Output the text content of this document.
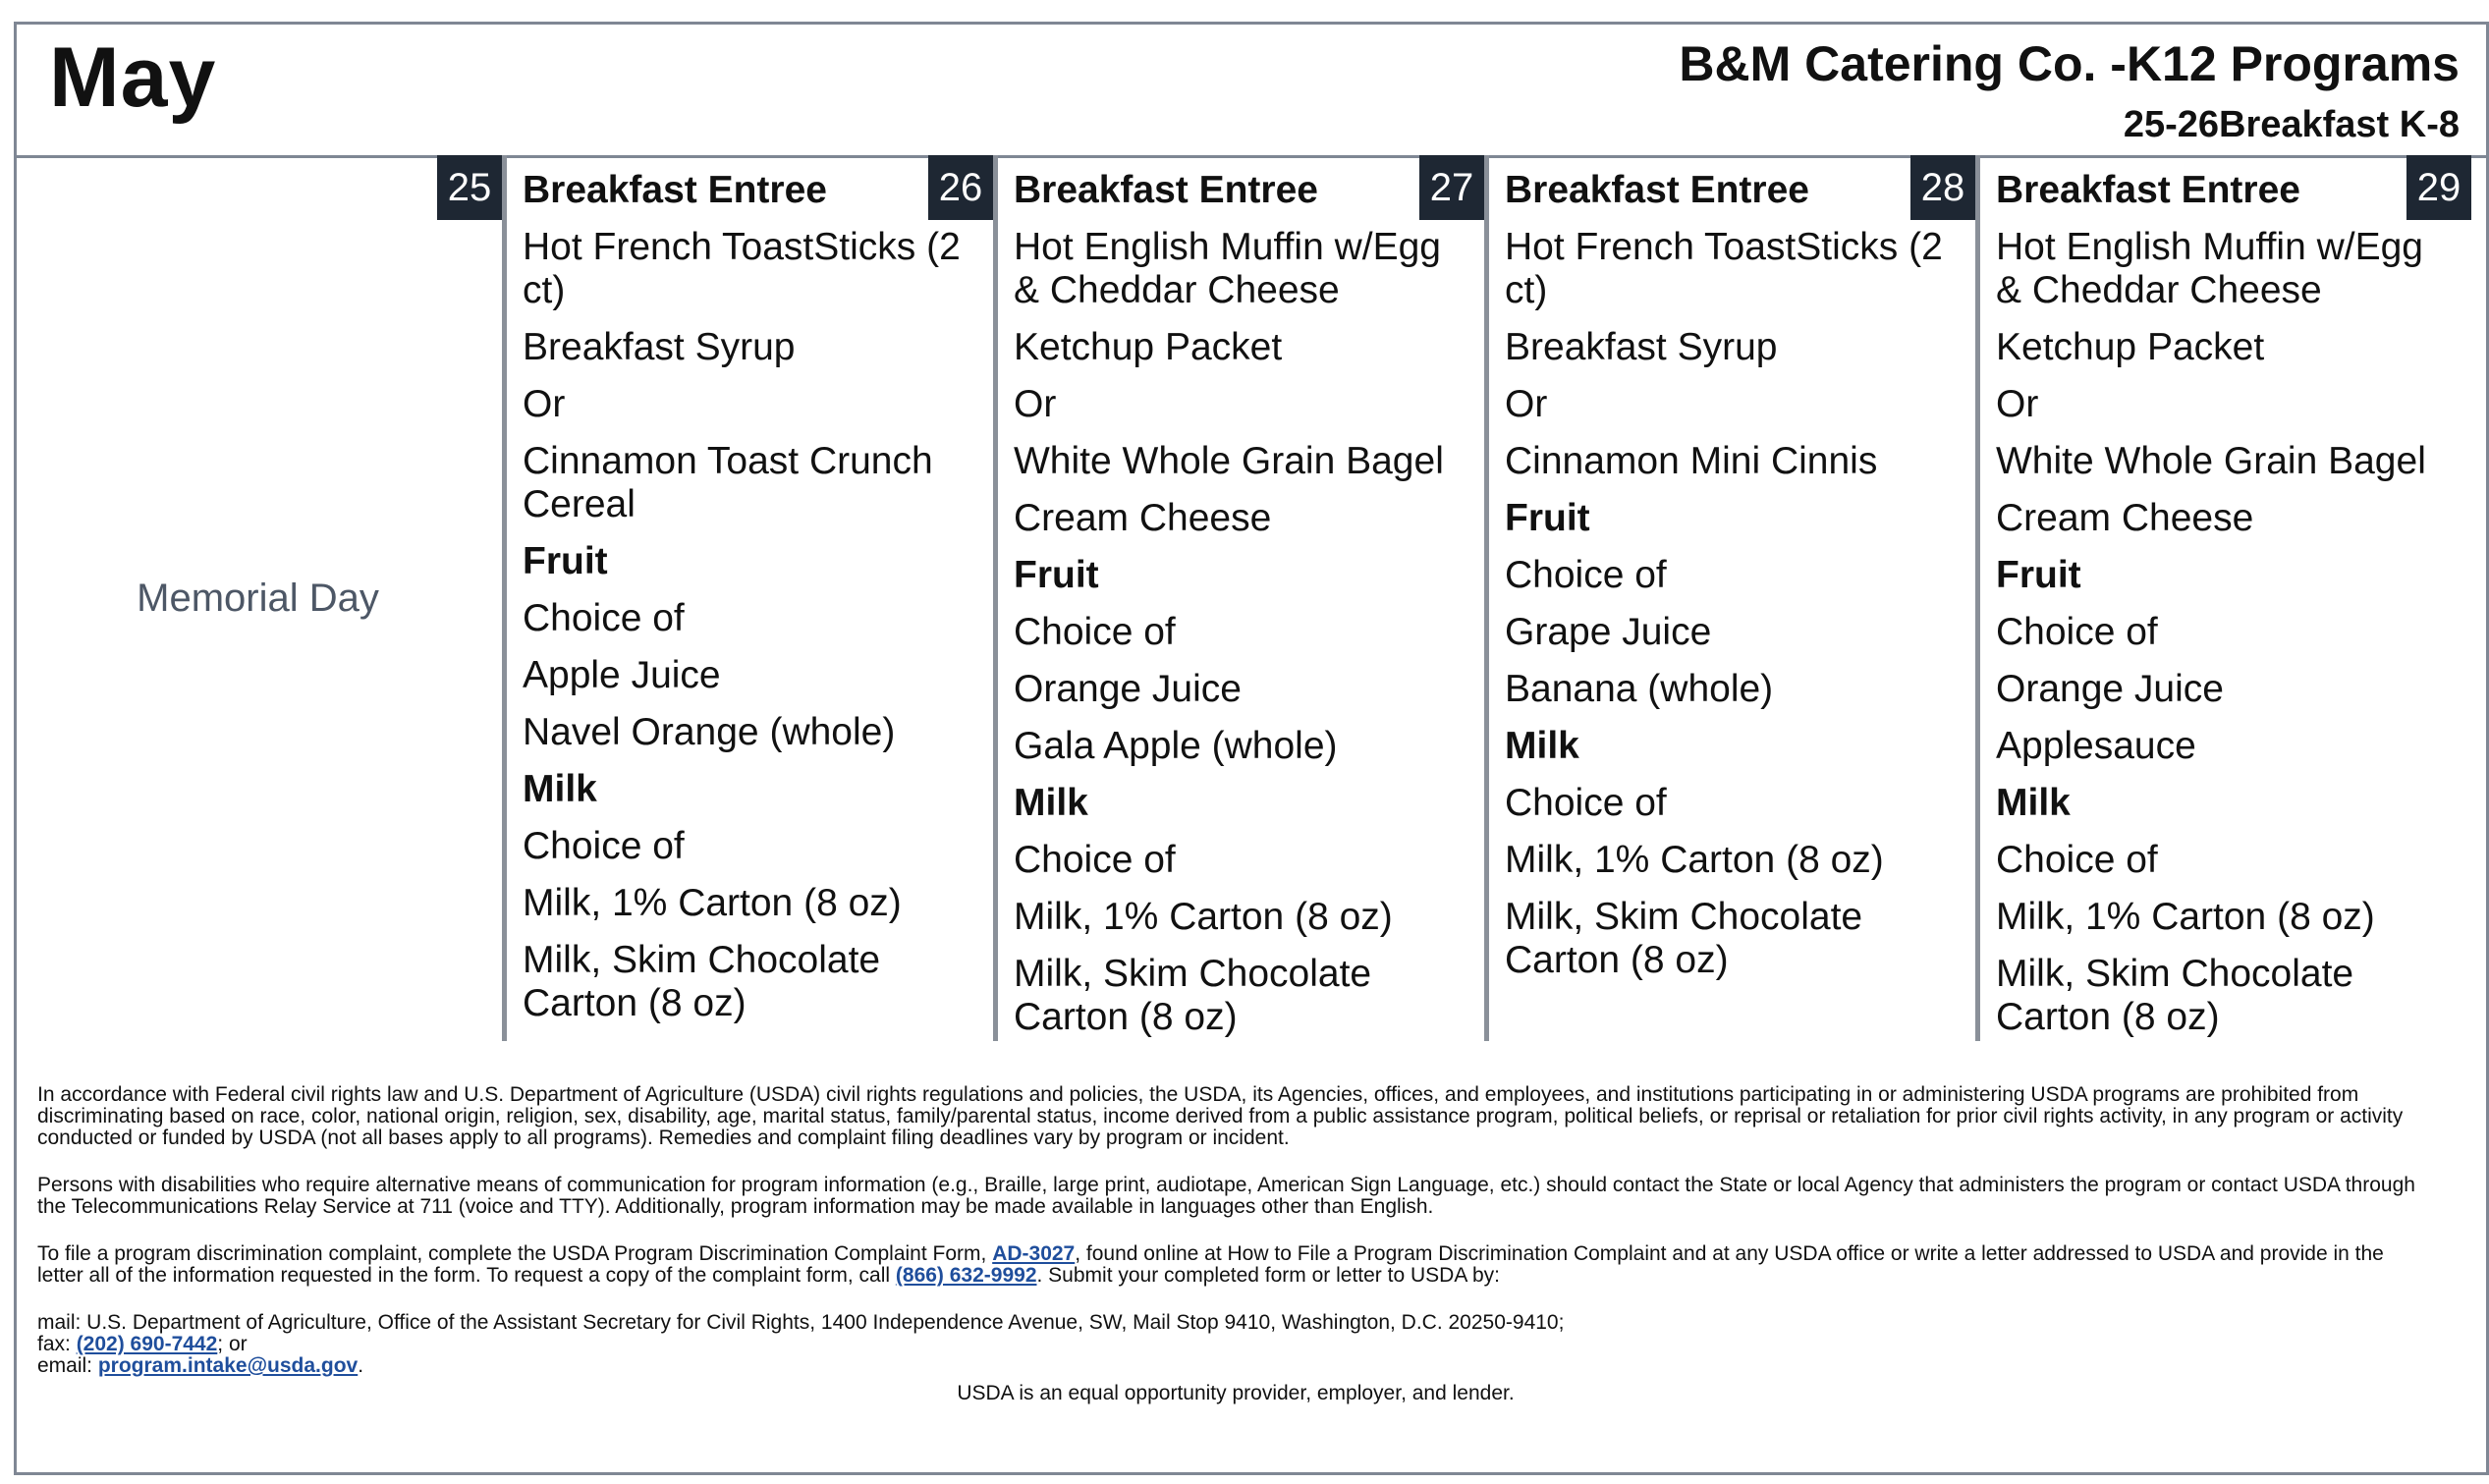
May	B&M Catering Co. -K12 Programs
25-26Breakfast K-8
25
Memorial Day
26
Breakfast Entree
Hot French ToastSticks (2 ct)
Breakfast Syrup
Or
Cinnamon Toast Crunch Cereal
Fruit
Choice of
Apple Juice
Navel Orange (whole)
Milk
Choice of
Milk, 1% Carton (8 oz)
Milk, Skim Chocolate Carton (8 oz)
27
Breakfast Entree
Hot English Muffin w/Egg & Cheddar Cheese
Ketchup Packet
Or
White Whole Grain Bagel
Cream Cheese
Fruit
Choice of
Orange Juice
Gala Apple (whole)
Milk
Choice of
Milk, 1% Carton (8 oz)
Milk, Skim Chocolate Carton (8 oz)
28
Breakfast Entree
Hot French ToastSticks (2 ct)
Breakfast Syrup
Or
Cinnamon Mini Cinnis
Fruit
Choice of
Grape Juice
Banana (whole)
Milk
Choice of
Milk, 1% Carton (8 oz)
Milk, Skim Chocolate Carton (8 oz)
29
Breakfast Entree
Hot English Muffin w/Egg & Cheddar Cheese
Ketchup Packet
Or
White Whole Grain Bagel
Cream Cheese
Fruit
Choice of
Orange Juice
Applesauce
Milk
Choice of
Milk, 1% Carton (8 oz)
Milk, Skim Chocolate Carton (8 oz)

In accordance with Federal civil rights law and U.S. Department of Agriculture (USDA) civil rights regulations and policies, the USDA, its Agencies, offices, and employees, and institutions participating in or administering USDA programs are prohibited from discriminating based on race, color, national origin, religion, sex, disability, age, marital status, family/parental status, income derived from a public assistance program, political beliefs, or reprisal or retaliation for prior civil rights activity, in any program or activity conducted or funded by USDA (not all bases apply to all programs). Remedies and complaint filing deadlines vary by program or incident.

Persons with disabilities who require alternative means of communication for program information (e.g., Braille, large print, audiotape, American Sign Language, etc.) should contact the State or local Agency that administers the program or contact USDA through the Telecommunications Relay Service at 711 (voice and TTY). Additionally, program information may be made available in languages other than English.

To file a program discrimination complaint, complete the USDA Program Discrimination Complaint Form, AD-3027, found online at How to File a Program Discrimination Complaint and at any USDA office or write a letter addressed to USDA and provide in the letter all of the information requested in the form. To request a copy of the complaint form, call (866) 632-9992. Submit your completed form or letter to USDA by:

mail: U.S. Department of Agriculture, Office of the Assistant Secretary for Civil Rights, 1400 Independence Avenue, SW, Mail Stop 9410, Washington, D.C. 20250-9410;
fax: (202) 690-7442; or
email: program.intake@usda.gov.
USDA is an equal opportunity provider, employer, and lender.
